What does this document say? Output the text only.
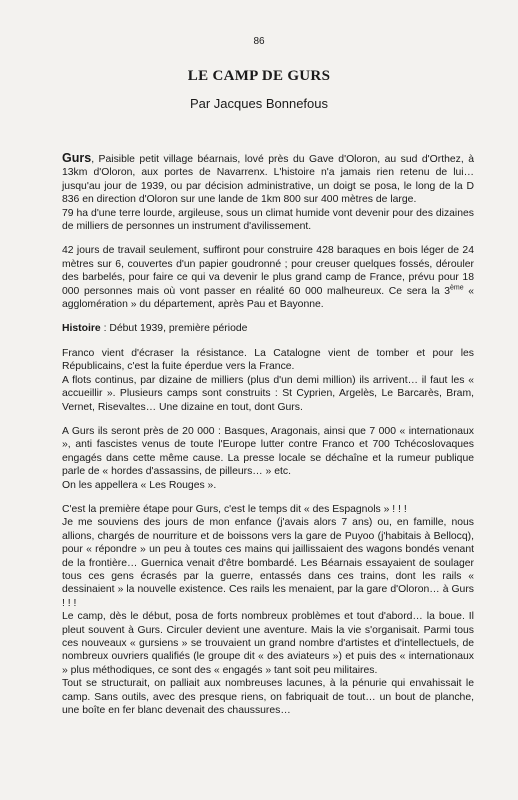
86
LE CAMP DE GURS
Par Jacques Bonnefous

Gurs, Paisible petit village béarnais, lové près du Gave d'Oloron, au sud d'Orthez, à 13km d'Oloron, aux portes de Navarrenx. L'histoire n'a jamais rien retenu de lui… jusqu'au jour de 1939, ou par décision administrative, un doigt se posa, le long de la D 836 en direction d'Oloron sur une lande de 1km 800 sur 400 mètres de large.
79 ha d'une terre lourde, argileuse, sous un climat humide vont devenir pour des dizaines de milliers de personnes un instrument d'avilissement.

42 jours de travail seulement, suffiront pour construire 428 baraques en bois léger de 24 mètres sur 6, couvertes d'un papier goudronné ; pour creuser quelques fossés, dérouler des barbelés, pour faire ce qui va devenir le plus grand camp de France, prévu pour 18 000 personnes mais où vont passer en réalité 60 000 malheureux. Ce sera la 3ème « agglomération » du département, après Pau et Bayonne.

Histoire : Début 1939, première période

Franco vient d'écraser la résistance. La Catalogne vient de tomber et pour les Républicains, c'est la fuite éperdue vers la France.
A flots continus, par dizaine de milliers (plus d'un demi million) ils arrivent… il faut les « accueillir ». Plusieurs camps sont construits : St Cyprien, Argelès, Le Barcarès, Bram, Vernet, Risevaltes… Une dizaine en tout, dont Gurs.

A Gurs ils seront près de 20 000 : Basques, Aragonais, ainsi que 7 000 « internationaux », anti fascistes venus de toute l'Europe lutter contre Franco et 700 Tchécoslovaques engagés dans cette même cause. La presse locale se déchaîne et la rumeur publique parle de « hordes d'assassins, de pilleurs… » etc.
On les appellera « Les Rouges ».

C'est la première étape pour Gurs, c'est le temps dit « des Espagnols » ! ! !
Je me souviens des jours de mon enfance (j'avais alors 7 ans) ou, en famille, nous allions, chargés de nourriture et de boissons vers la gare de Puyoo (j'habitais à Bellocq), pour « répondre » un peu à toutes ces mains qui jaillissaient des wagons bondés venant de la frontière… Guernica venait d'être bombardé. Les Béarnais essayaient de soulager tous ces gens écrasés par la guerre, entassés dans ces trains, dont les rails « dessinaient » la nouvelle existence. Ces rails les menaient, par la gare d'Oloron… à Gurs ! ! !
Le camp, dès le début, posa de forts nombreux problèmes et tout d'abord… la boue. Il pleut souvent à Gurs. Circuler devient une aventure. Mais la vie s'organisait. Parmi tous ces nouveaux « gursiens » se trouvaient un grand nombre d'artistes et d'intellectuels, de nombreux ouvriers qualifiés (le groupe dit « des aviateurs ») et puis des « internationaux » plus méthodiques, ce sont des « engagés » tant soit peu militaires.
Tout se structurait, on palliait aux nombreuses lacunes, à la pénurie qui envahissait le camp. Sans outils, avec des presque riens, on fabriquait de tout… un bout de planche, une boîte en fer blanc devenait des chaussures…
